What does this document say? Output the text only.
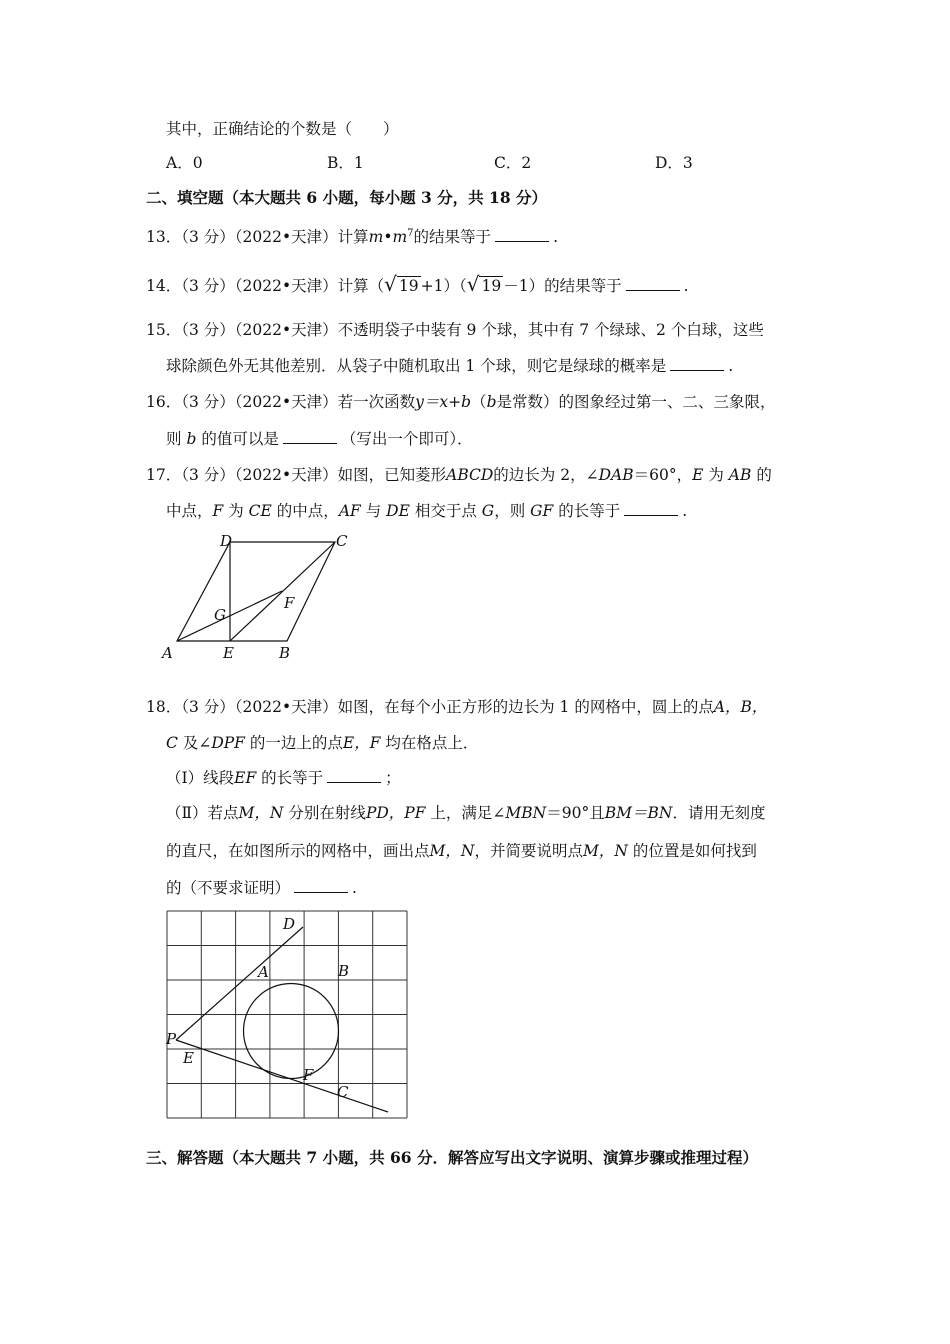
其中，正确结论的个数是（　　）
A．0	B．1	C．2	D．3
二、填空题（本大题共 6 小题，每小题 3 分，共 18 分）
13．（3 分）（2022•天津）计算$m•m^7$的结果等于	.
14．（3 分）（2022•天津）计算（√ 19 +1）（√ 19 －1）的结果等于	.
15．（3 分）（2022•天津）不透明袋子中装有 9 个球，其中有 7 个绿球、2 个白球，这些
球除颜色外无其他差别．从袋子中随机取出 1 个球，则它是绿球的概率是	.
16．（3 分）（2022•天津）若一次函数y＝x+b（b是常数）的图象经过第一、二、三象限，
则 b 的值可以是	（写出一个即可）．
17．（3 分）（2022•天津）如图，已知菱形ABCD的边长为 2，∠DAB＝60°，E 为 AB 的
中点，F 为 CE 的中点，AF 与 DE 相交于点 G，则 GF 的长等于	.
A	E	B
C
D
F
G
18．（3 分）（2022•天津）如图，在每个小正方形的边长为 1 的网格中，圆上的点A，B，
C 及∠DPF 的一边上的点E，F 均在格点上．
（Ⅰ）线段EF 的长等于	；
（Ⅱ）若点M，N 分别在射线PD，PF 上，满足∠MBN＝90°且BM＝BN．请用无刻度
的直尺，在如图所示的网格中，画出点M，N，并简要说明点M，N 的位置是如何找到
的（不要求证明）	.
D
A	B
P
E
F
C
三、解答题（本大题共 7 小题，共 66 分．解答应写出文字说明、演算步骤或推理过程）
